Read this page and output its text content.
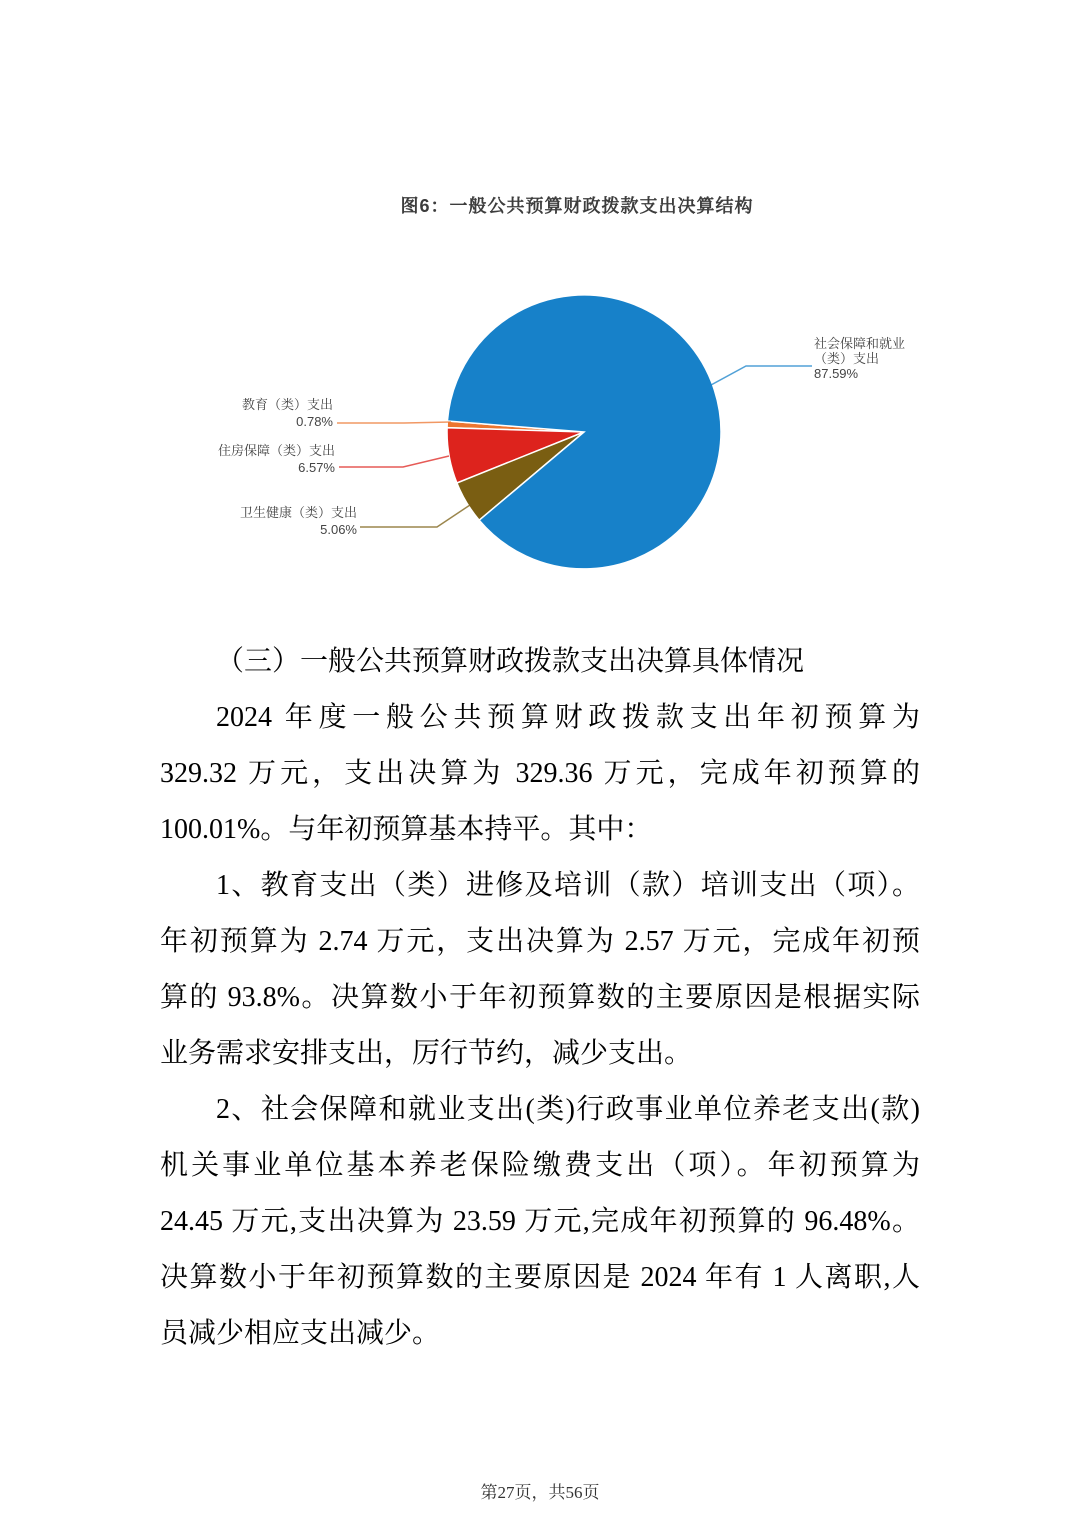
图6：一般公共预算财政拨款支出决算结构
教育（类）支出
0.78%
住房保障（类）支出
6.57%
卫生健康（类）支出
5.06%
社会保障和就业（类）支出
87.59%
（三）一般公共预算财政拨款支出决算具体情况
2024 年度一般公共预算财政拨款支出年初预算为
329.32 万元，支出决算为 329.36 万元，完成年初预算的
100.01%。与年初预算基本持平。其中：
1、教育支出（类）进修及培训（款）培训支出（项）。
年初预算为 2.74 万元，支出决算为 2.57 万元，完成年初预
算的 93.8%。决算数小于年初预算数的主要原因是根据实际
业务需求安排支出，厉行节约，减少支出。
2、社会保障和就业支出(类)行政事业单位养老支出(款)
机关事业单位基本养老保险缴费支出（项）。年初预算为
24.45 万元,支出决算为 23.59 万元,完成年初预算的 96.48%。
决算数小于年初预算数的主要原因是 2024 年有 1 人离职,人
员减少相应支出减少。
第27页，共56页
